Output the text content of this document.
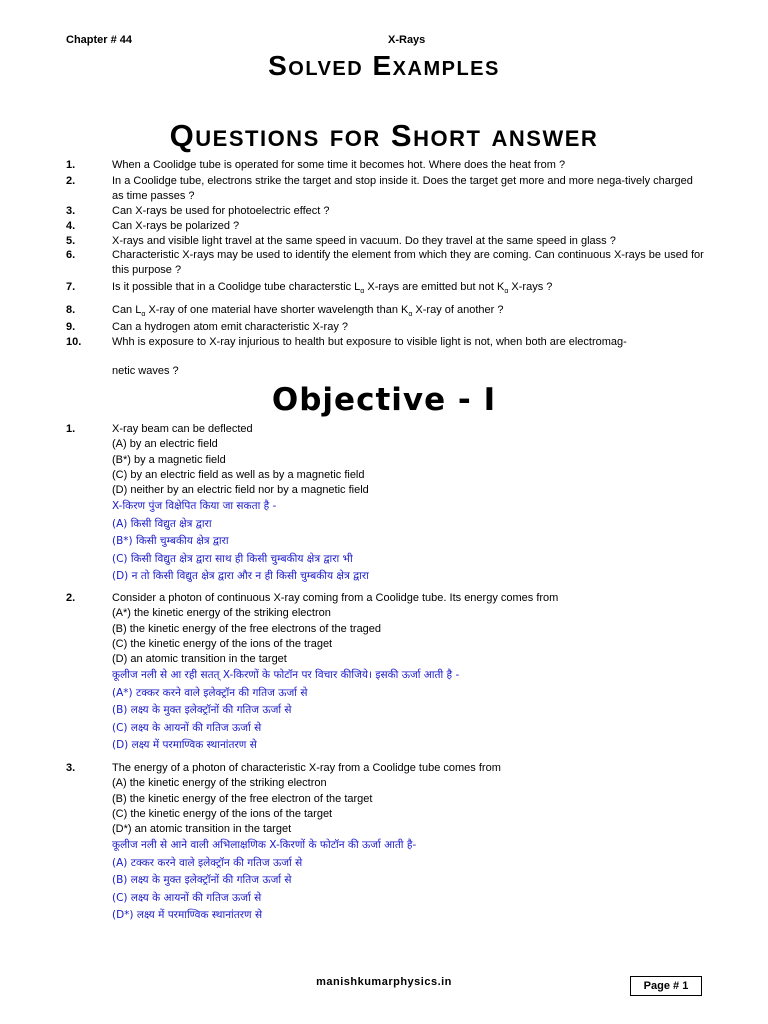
Chapter # 44	X-Rays
Solved Examples
Questions for Short answer
1.	When a Coolidge tube is operated for some time it becomes hot. Where does the heat from ?
2.	In a Coolidge tube, electrons strike the target and stop inside it. Does the target get more and more nega-tively charged as time passes ?
3.	Can X-rays be used for photoelectric effect ?
4.	Can X-rays be polarized ?
5.	X-rays and visible light travel at the same speed in vacuum. Do they travel at the same speed in glass ?
6.	Characteristic X-rays may be used to identify the element from which they are coming. Can continuous X-rays be used for this purpose ?
7.	Is it possible that in a Coolidge tube characterstic $L_\alpha$ X-rays are emitted but not $K_\alpha$ X-rays ?
8.	Can $L_\alpha$ X-ray of one material have shorter wavelength than $K_\alpha$ X-ray of another ?
9.	Can a hydrogen atom emit characteristic X-ray ?
10.	Whh is exposure to X-ray injurious to health but exposure to visible light is not, when both are electromag-
netic waves ?
Objective - I
1.	X-ray beam can be deflected
(A) by an electric field
(B*) by a magnetic field
(C) by an electric field as well as by a magnetic field
(D) neither by an electric field nor by a magnetic field
X-किरण पुंज विक्षेपित किया जा सकता है -
(A) किसी विद्युत क्षेत्र द्वारा
(B*) किसी चुम्बकीय क्षेत्र द्वारा
(C) किसी विद्युत क्षेत्र द्वारा साथ ही किसी चुम्बकीय क्षेत्र द्वारा भी
(D) न तो किसी विद्युत क्षेत्र द्वारा और न ही किसी चुम्बकीय क्षेत्र द्वारा
2.	Consider a photon of continuous X-ray coming from a Coolidge tube. Its energy comes from
(A*) the kinetic energy of the striking electron
(B) the kinetic energy of the free electrons of the traged
(C) the kinetic energy of the ions of the traget
(D) an atomic transition in the target
कूलीज नली से आ रही सतत् X-किरणों के फोटॉन पर विचार कीजिये। इसकी ऊर्जा आती है -
(A*) टक्कर करने वाले इलेक्ट्रॉन की गतिज ऊर्जा से
(B) लक्ष्य के मुक्त इलेक्ट्रॉनों की गतिज ऊर्जा से
(C) लक्ष्य के आयनों की गतिज ऊर्जा से
(D) लक्ष्य में परमाण्विक स्थानांतरण से
3.	The energy of a photon of characteristic X-ray from a Coolidge tube comes from
(A) the kinetic energy of the striking electron
(B) the kinetic energy of the free electron of the target
(C) the kinetic energy of the ions of the target
(D*) an atomic transition in the target
कूलीज नली से आने वाली अभिलाक्षणिक X-किरणों के फोटॉन की ऊर्जा आती है-
(A) टक्कर करने वाले इलेक्ट्रॉन की गतिज ऊर्जा से
(B) लक्ष्य के मुक्त इलेक्ट्रॉनों की गतिज ऊर्जा से
(C) लक्ष्य के आयनों की गतिज ऊर्जा से
(D*) लक्ष्य में परमाण्विक स्थानांतरण से
manishkumarphysics.in	Page # 1
